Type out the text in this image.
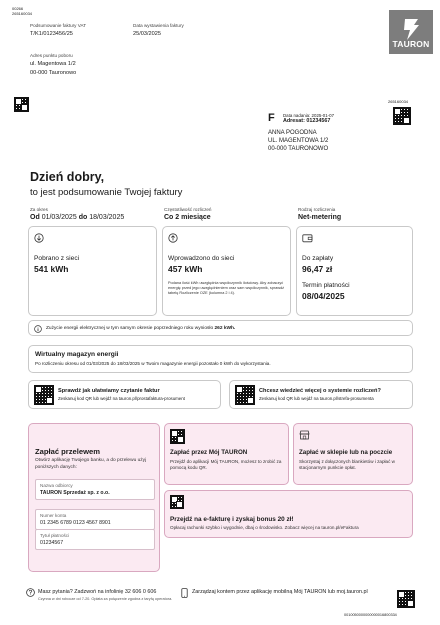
00266
265160034
Podsumowanie faktury VAT
T/K1/0123456/25
Data wystawienia faktury
25/03/2025
Adres punktu poboru
ul. Magentowa 1/2
00-000 Tauronowo
TAURON
265160034
F Data nadania: 2025-01-07
Adresat: 01234567
ANNA POGODNA
UL. MAGENTOWA 1/2
00-000 TAURONOWO
Dzień dobry,
to jest podsumowanie Twojej faktury
Za okres
Od 01/03/2025 do 18/03/2025
Częstotliwość rozliczeń
Co 2 miesiące
Rodzaj rozliczenia
Net-metering
Pobrano z sieci
541 kWh
Wprowadzono do sieci
457 kWh
Podana ilość kWh uwzględnia współczynnik ilościowy. Aby zobaczyć energię przed jego uwzględnieniem oraz sam współczynnik, sprawdź tabelę Rozliczenie OZE (kolumna 2 i 4).
Do zapłaty
96,47 zł
Termin płatności
08/04/2025
Zużycie energii elektrycznej w tym samym okresie poprzedniego roku wyniosło 262 kWh.
Wirtualny magazyn energii
Po rozliczeniu okresu od 01/03/2025 do 18/03/2025 w Twoim magazynie energii pozostało 0 kWh do wykorzystania.
Sprawdź jak ułatwiamy czytanie faktur
Zeskanuj kod QR lub wejdź na tauron.pl/prostafaktura-prosument
Chcesz wiedzieć więcej o systemie rozliczeń?
Zeskanuj kod QR lub wejdź na tauron.pl/strefa-prosumenta
Zapłać przelewem
Otwórz aplikację Twojego banku, a do przelewu użyj poniższych danych:
Nazwa odbiorcy
TAURON Sprzedaż sp. z o.o.
Numer konta
01 2345 6789 0123 4567 8901
Tytuł płatności
01234567
Zapłać przez Mój TAURON
Przejdź do aplikacji Mój TAURON, możesz to zrobić za pomocą kodu QR.
Zapłać w sklepie lub na poczcie
Skorzystaj z dołączonych blankietów i zapłać w stacjonarnym punkcie opłat.
Przejdź na e-fakturę i zyskaj bonus 20 zł!
Opłacaj rachunki szybko i wygodnie, dbaj o środowisko. Zobacz więcej na tauron.pl/eFaktura
Masz pytania? Zadzwoń na infolinię 32 606 0 606
Czynna w dni robocze od 7-20. Opłata za połączenie zgodna z taryfą operatora.
Zarządzaj kontem przez aplikację mobilną Mój TAURON lub moj.tauron.pl
0010050000000000016800334
